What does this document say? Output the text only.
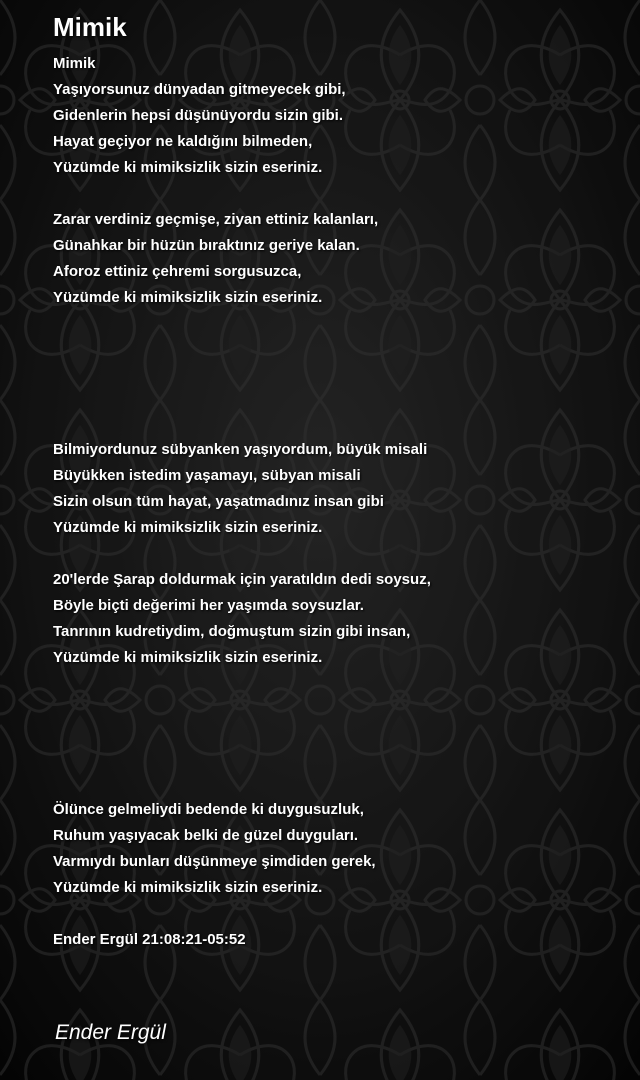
Mimik
Mimik
Yaşıyorsunuz dünyadan gitmeyecek gibi,
Gidenlerin hepsi düşünüyordu sizin gibi.
Hayat geçiyor ne kaldığını bilmeden,
Yüzümde ki mimiksizlik sizin eseriniz.
Zarar verdiniz geçmişe, ziyan ettiniz kalanları,
Günahkar bir hüzün bıraktınız geriye kalan.
Aforoz ettiniz çehremi sorgusuzca,
Yüzümde ki mimiksizlik sizin eseriniz.
Bilmiyordunuz sübyanken yaşıyordum, büyük misali
Büyükken istedim yaşamayı, sübyan misali
Sizin olsun tüm hayat, yaşatmadınız insan gibi
Yüzümde ki mimiksizlik sizin eseriniz.
20'lerde Şarap doldurmak için yaratıldın dedi soysuz,
Böyle biçti değerimi her yaşımda soysuzlar.
Tanrının kudretiydim, doğmuştum sizin gibi insan,
Yüzümde ki mimiksizlik sizin eseriniz.
Ölünce gelmeliydi bedende ki duygusuzluk,
Ruhum yaşıyacak belki de güzel duyguları.
Varmıydı bunları düşünmeye şimdiden gerek,
Yüzümde ki mimiksizlik sizin eseriniz.
Ender Ergül 21:08:21-05:52
Ender Ergül
